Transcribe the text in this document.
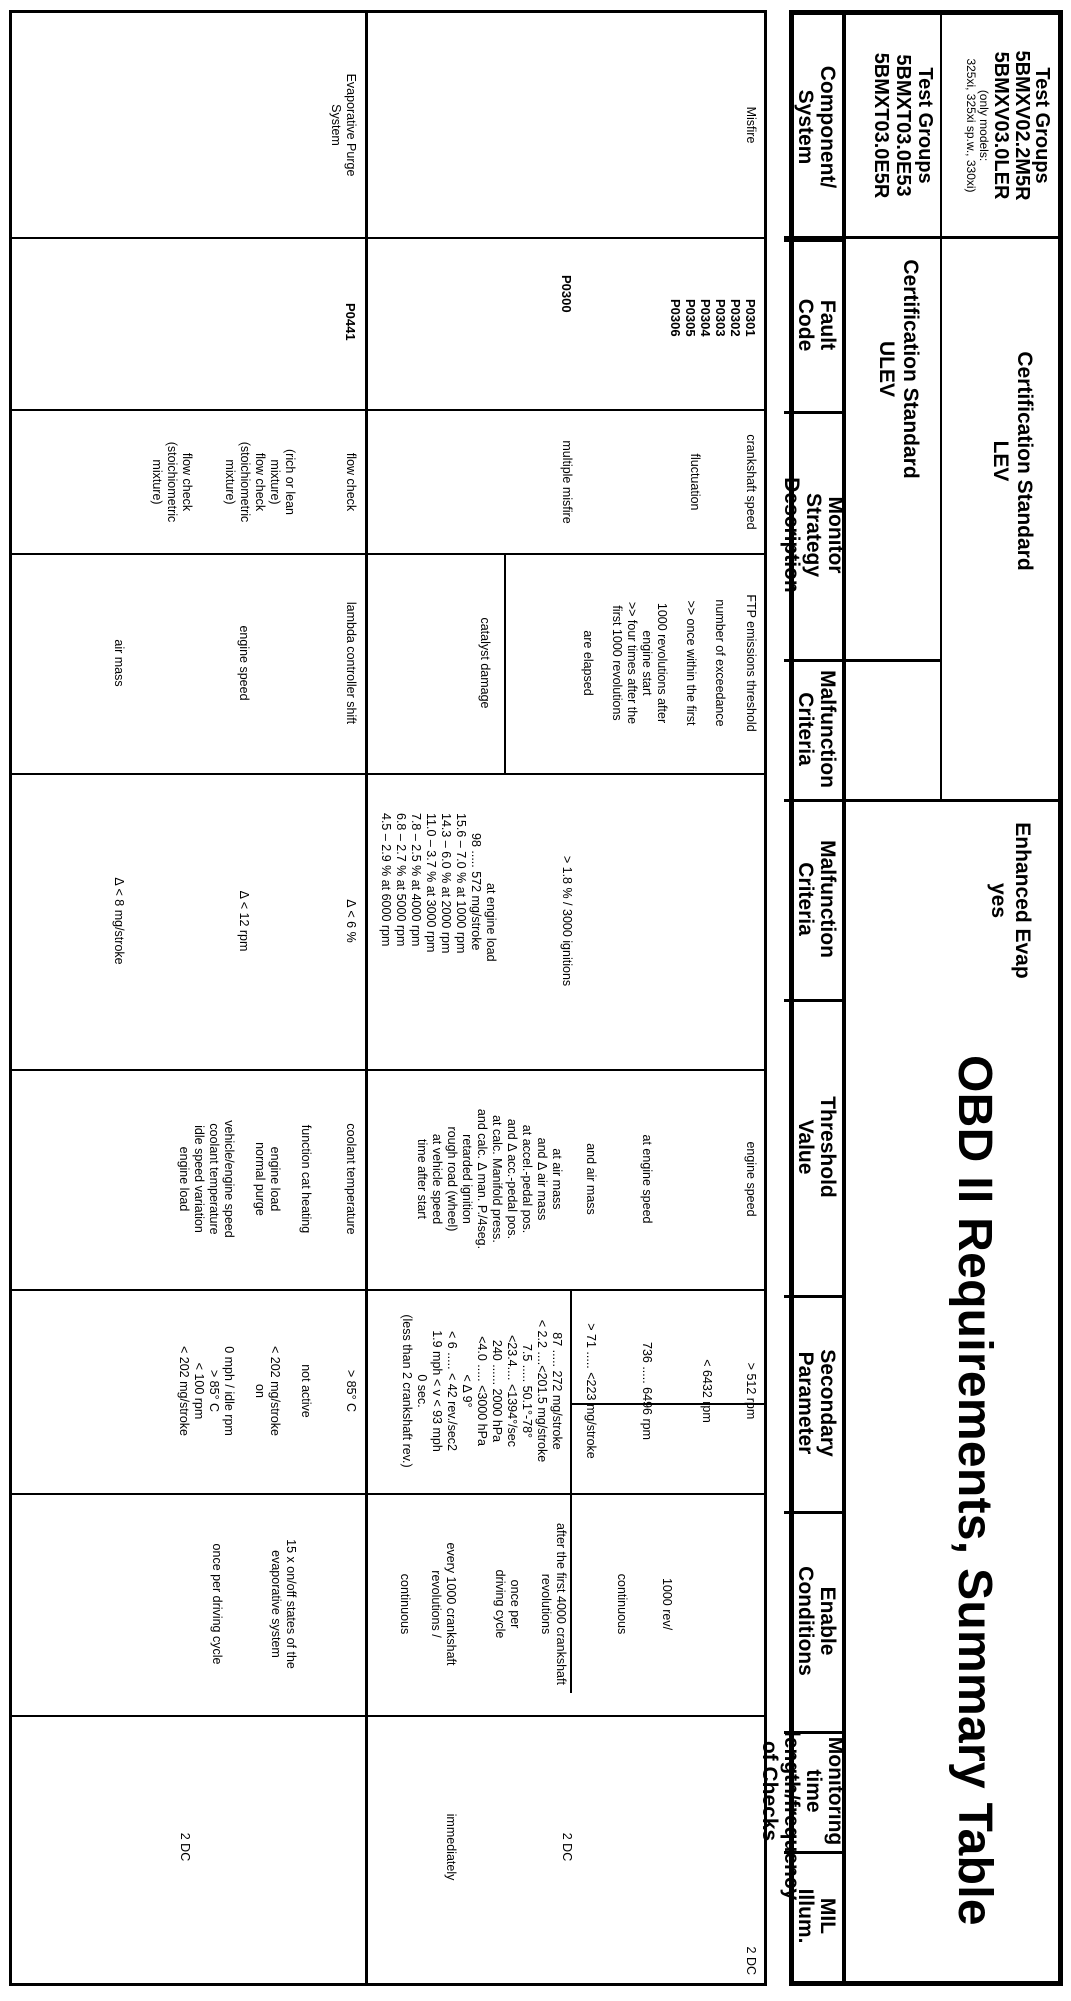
Test Groups
5BMXV02.2M5R
5BMXV03.0LER
(only models:
325xi, 325xi sp.w., 330xi)
Test Groups
5BMXT03.0E53
5BMXT03.0E5R
Certification Standard
LEV
Certification Standard
ULEV
Enhanced Evap
yes
OBD II Requirements, Summary Table
Component/
System
Fault
Code
Monitor
Strategy
Description
Malfunction
Criteria
Malfunction
Criteria
Threshold
Value
Secondary
Parameter
Enable
Conditions
Monitoring time
length/frequency
of Checks
MIL
Illum.
Misfire
P0301
P0302
P0303
P0304
P0305
P0306
P0300
crankshaft speed
fluctuation
multiple misfire
FTP emissions threshold
number of exceedance
>> once within the first
1000 revolutions after
engine start
>> four times after the
first 1000 revolutions
are elapsed
catalyst damage
> 1.8 % / 3000 ignitions
at engine load
98 ..... 572 mg/stroke
15.6 – 7.0 % at 1000 rpm
14.3 – 6.0 % at 2000 rpm
11.0 – 3.7 % at 3000 rpm
7.8 – 2.5 % at 4000 rpm
6.8 – 2.7 % at 5000 rpm
4.5 – 2.9 % at 6000 rpm
engine speed
at engine speed
and air mass
at air mass
and Δ air mass
at accel.-pedal pos.
and Δ acc.-pedal pos.
at calc. Manifold press.
and calc. Δ man. P./4seg.
retarded ignition
rough road (wheel)
at vehicle speed
time after start
> 512 rpm
< 6432 rpm
736 ..... 6496 rpm
> 71 ..... <223 mg/stroke
87 ..... 272 mg/stroke
< 2.2 ....<201.5 mg/stroke
7.5 ..... 50.1°-78°
<23.4.... <1394°/sec
240 ...... 2000 hPa
<4.0 ..... <3000 hPa
< Δ 9°
< 6 ..... < 42 rev./sec2
1.9 mph < v < 93 mph
0 sec.
(less than 2 crankshaft rev.)
1000 rev/
continuous
after the first 4000 crankshaft
revolutions
once per
driving cycle
every 1000 crankshaft
revolutions /
continuous
2 DC
2 DC
immediately
Evaporative Purge
System
P0441
flow check
(rich or lean
mixture)
flow check
(stoichiometric
mixture)
flow check
(stoichiometric
mixture)
lambda controller shift
engine speed
air mass
Δ < 6 %
Δ < 12 rpm
Δ < 8 mg/stroke
coolant temperature
function cat heating
engine load
normal purge
vehicle/engine speed
coolant temperature
idle speed variation
engine load
> 85° C
not active
< 202 mg/stroke
on
0 mph / idle rpm
> 85° C
< 100 rpm
< 202 mg/stroke
15 x on/off states of the
evaporative system
once per driving cycle
2 DC
